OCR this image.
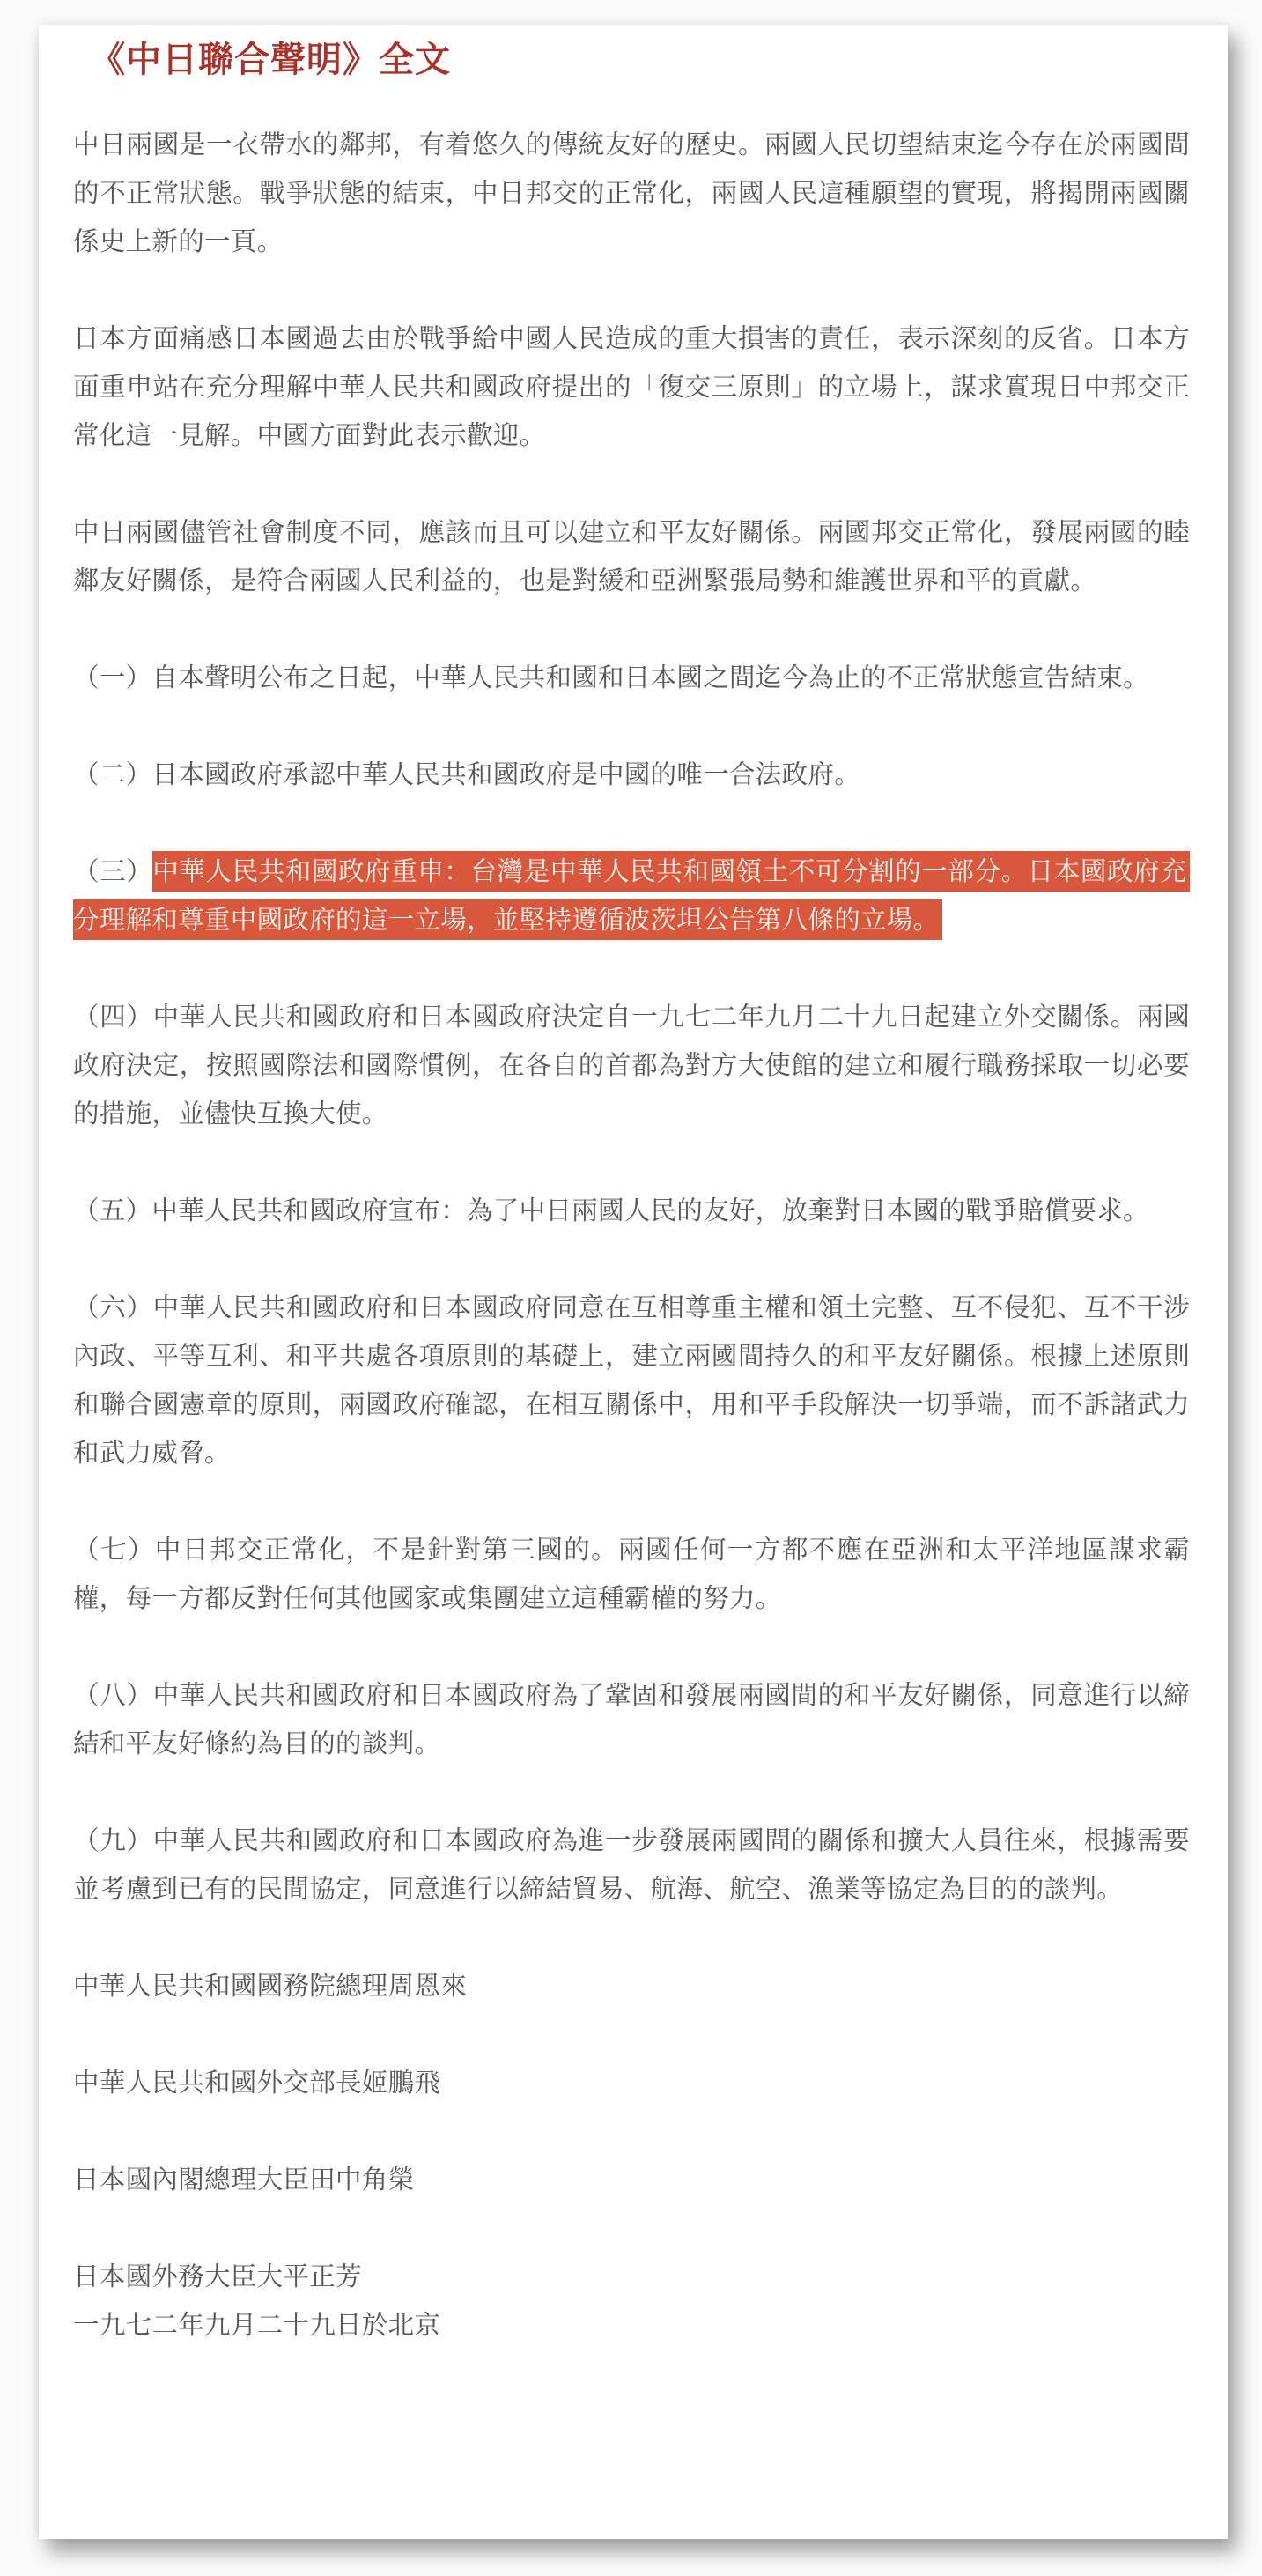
《中日聯合聲明》全文

中日兩國是一衣帶水的鄰邦，有着悠久的傳統友好的歷史。兩國人民切望結束迄今存在於兩國間的不正常狀態。戰爭狀態的結束，中日邦交的正常化，兩國人民這種願望的實現，將揭開兩國關係史上新的一頁。

日本方面痛感日本國過去由於戰爭給中國人民造成的重大損害的責任，表示深刻的反省。日本方面重申站在充分理解中華人民共和國政府提出的「復交三原則」的立場上，謀求實現日中邦交正常化這一見解。中國方面對此表示歡迎。

中日兩國儘管社會制度不同，應該而且可以建立和平友好關係。兩國邦交正常化，發展兩國的睦鄰友好關係，是符合兩國人民利益的，也是對緩和亞洲緊張局勢和維護世界和平的貢獻。

（一）自本聲明公布之日起，中華人民共和國和日本國之間迄今為止的不正常狀態宣告結束。

（二）日本國政府承認中華人民共和國政府是中國的唯一合法政府。

（三）中華人民共和國政府重申：台灣是中華人民共和國領土不可分割的一部分。日本國政府充分理解和尊重中國政府的這一立場，並堅持遵循波茨坦公告第八條的立場。

（四）中華人民共和國政府和日本國政府決定自一九七二年九月二十九日起建立外交關係。兩國政府決定，按照國際法和國際慣例，在各自的首都為對方大使館的建立和履行職務採取一切必要的措施，並儘快互換大使。

（五）中華人民共和國政府宣布：為了中日兩國人民的友好，放棄對日本國的戰爭賠償要求。

（六）中華人民共和國政府和日本國政府同意在互相尊重主權和領土完整、互不侵犯、互不干涉內政、平等互利、和平共處各項原則的基礎上，建立兩國間持久的和平友好關係。根據上述原則和聯合國憲章的原則，兩國政府確認，在相互關係中，用和平手段解決一切爭端，而不訴諸武力和武力威脅。

（七）中日邦交正常化，不是針對第三國的。兩國任何一方都不應在亞洲和太平洋地區謀求霸權，每一方都反對任何其他國家或集團建立這種霸權的努力。

（八）中華人民共和國政府和日本國政府為了鞏固和發展兩國間的和平友好關係，同意進行以締結和平友好條約為目的的談判。

（九）中華人民共和國政府和日本國政府為進一步發展兩國間的關係和擴大人員往來，根據需要並考慮到已有的民間協定，同意進行以締結貿易、航海、航空、漁業等協定為目的的談判。

中華人民共和國國務院總理周恩來

中華人民共和國外交部長姬鵬飛

日本國內閣總理大臣田中角榮

日本國外務大臣大平正芳
一九七二年九月二十九日於北京
